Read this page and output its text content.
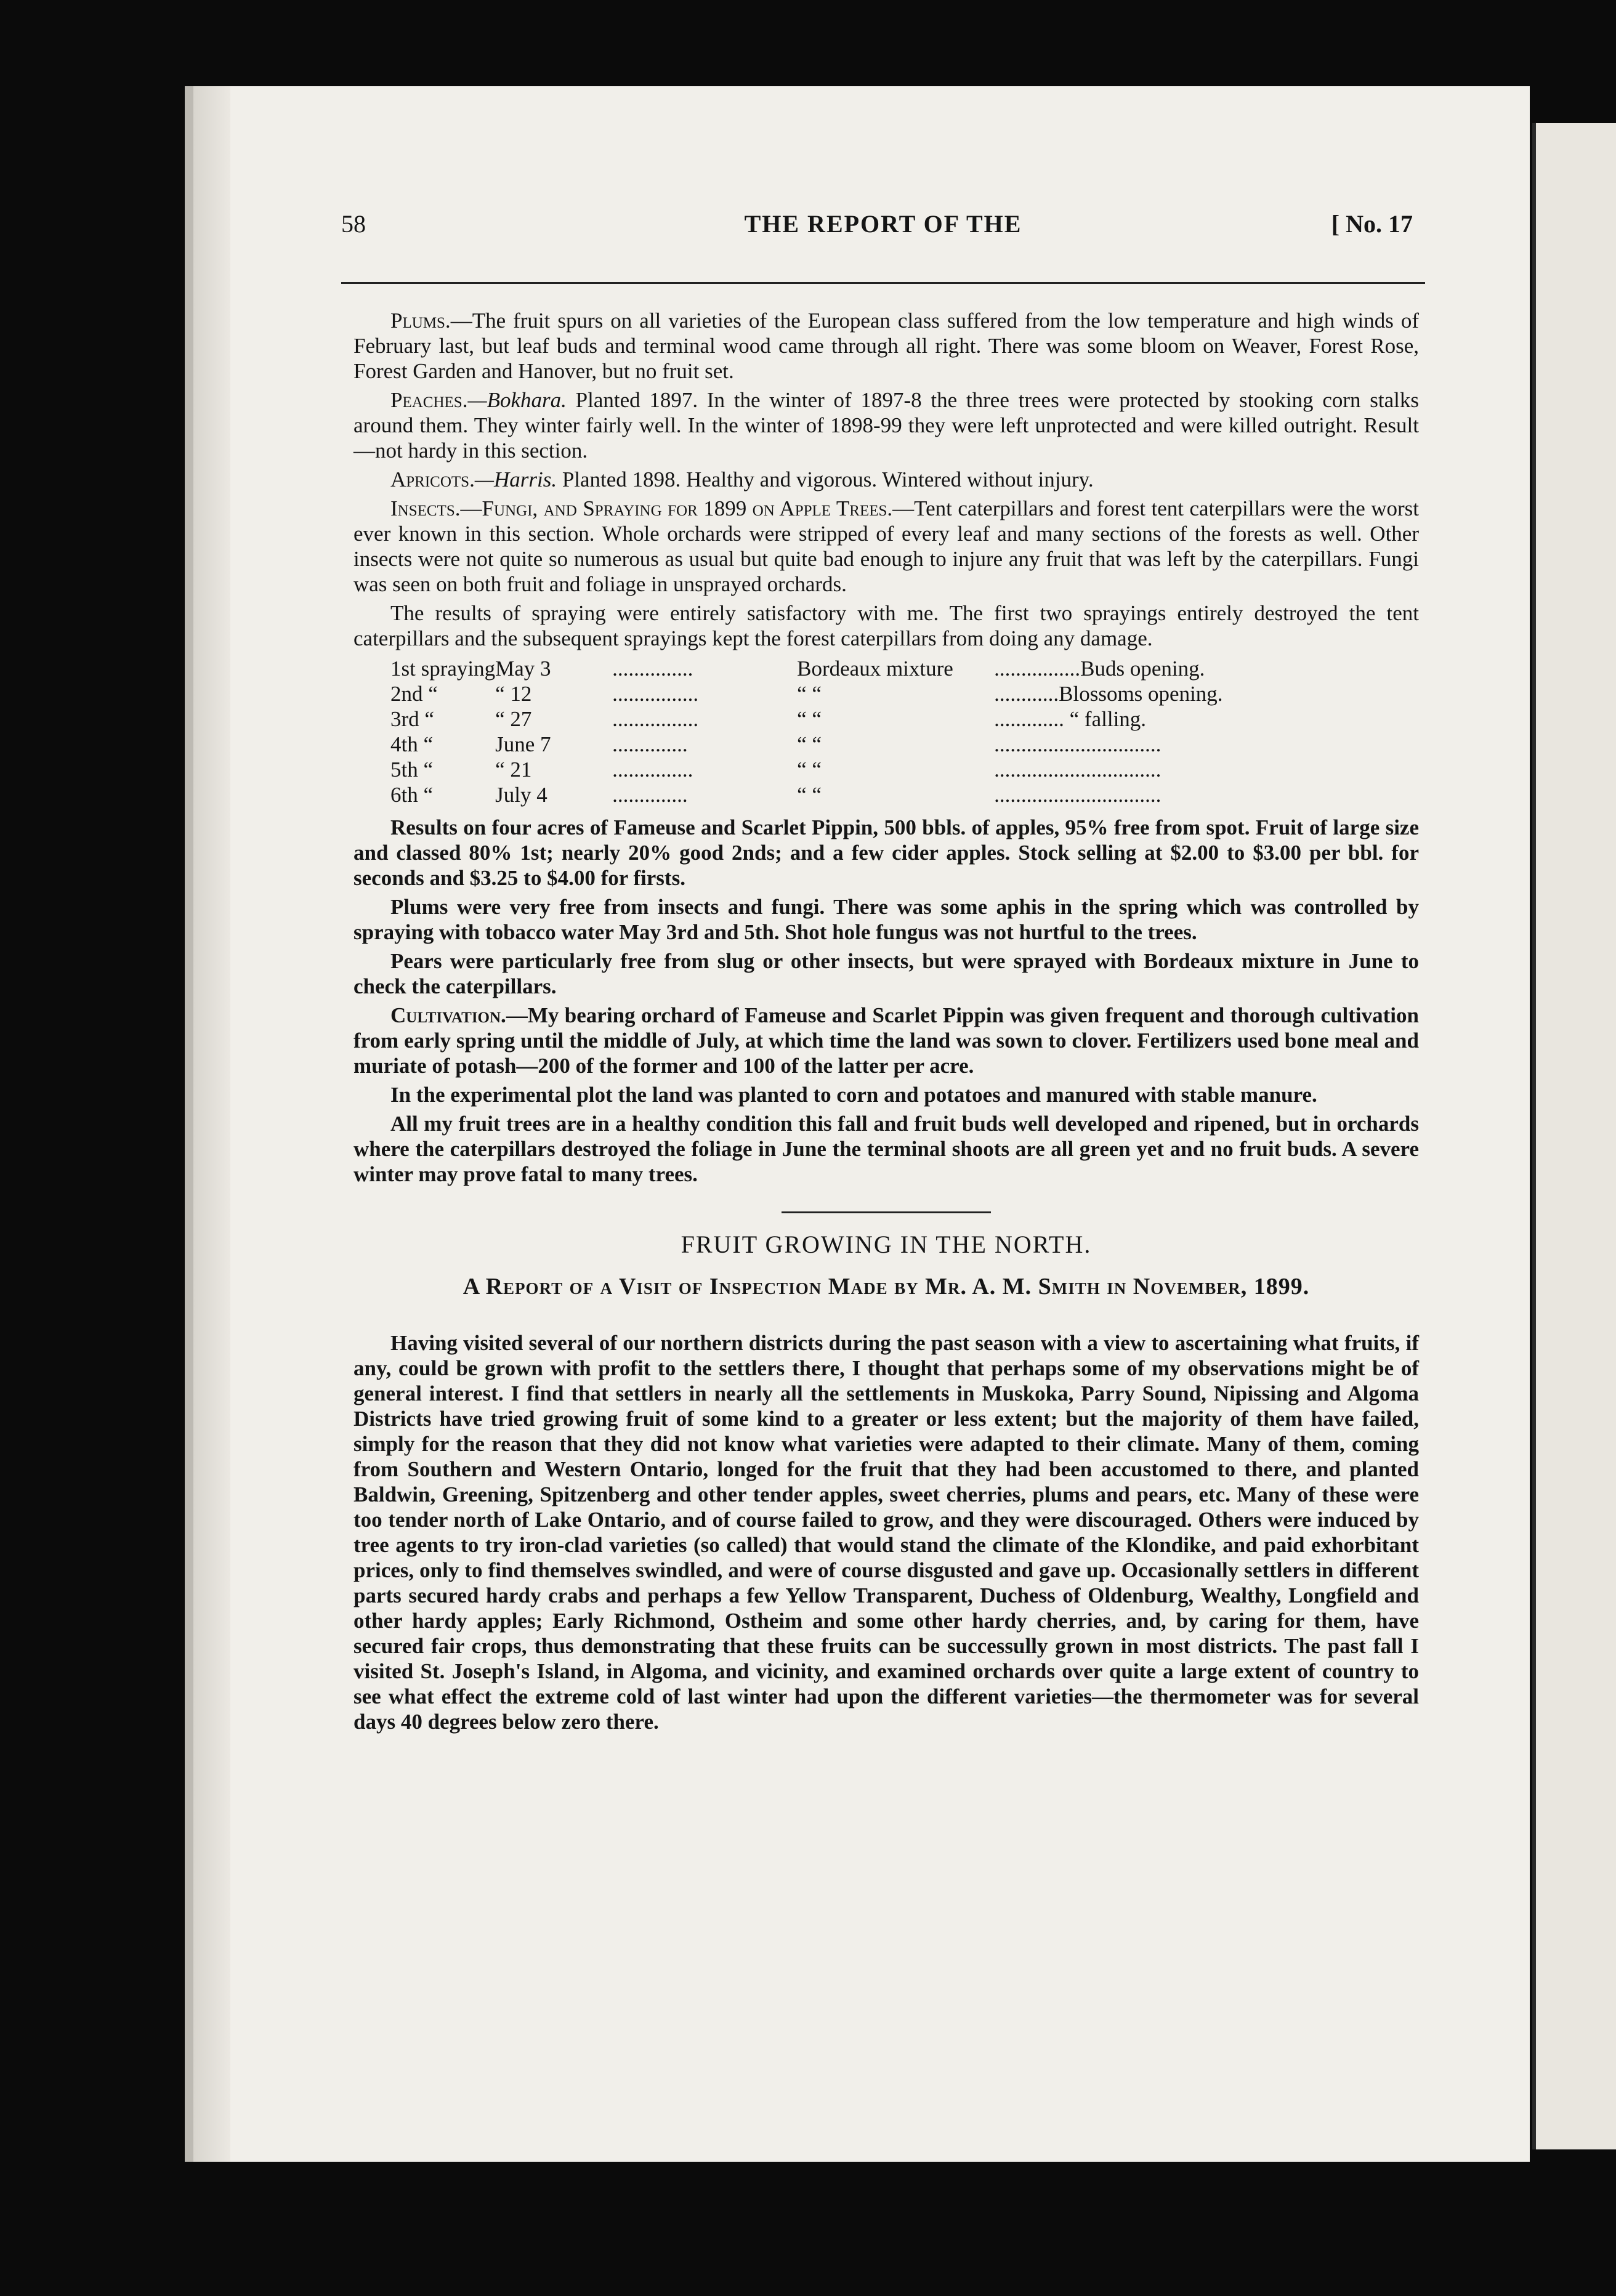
58	THE REPORT OF THE	[ No. 17

Plums.—The fruit spurs on all varieties of the European class suffered from the low temperature and high winds of February last, but leaf buds and terminal wood came through all right. There was some bloom on Weaver, Forest Rose, Forest Garden and Hanover, but no fruit set.

Peaches.—Bokhara. Planted 1897. In the winter of 1897-8 the three trees were protected by stooking corn stalks around them. They winter fairly well. In the winter of 1898-99 they were left unprotected and were killed outright. Result—not hardy in this section.

Apricots.—Harris. Planted 1898. Healthy and vigorous. Wintered without injury.

Insects.—Fungi, and Spraying for 1899 on Apple Trees.—Tent caterpillars and forest tent caterpillars were the worst ever known in this section. Whole orchards were stripped of every leaf and many sections of the forests as well. Other insects were not quite so numerous as usual but quite bad enough to injure any fruit that was left by the caterpillars. Fungi was seen on both fruit and foliage in unsprayed orchards.

The results of spraying were entirely satisfactory with me. The first two sprayings entirely destroyed the tent caterpillars and the subsequent sprayings kept the forest caterpillars from doing any damage.

1st spraying	May 3	...............	Bordeaux mixture	................Buds opening.
2nd “	“ 12	................	“ “	............Blossoms opening.
3rd “	“ 27	................	“ “	............. “ falling.
4th “	June 7	..............	“ “	...............................
5th “	“ 21	...............	“ “	...............................
6th “	July 4	..............	“ “	...............................

Results on four acres of Fameuse and Scarlet Pippin, 500 bbls. of apples, 95% free from spot. Fruit of large size and classed 80% 1st; nearly 20% good 2nds; and a few cider apples. Stock selling at $2.00 to $3.00 per bbl. for seconds and $3.25 to $4.00 for firsts.

Plums were very free from insects and fungi. There was some aphis in the spring which was controlled by spraying with tobacco water May 3rd and 5th. Shot hole fungus was not hurtful to the trees.

Pears were particularly free from slug or other insects, but were sprayed with Bordeaux mixture in June to check the caterpillars.

Cultivation.—My bearing orchard of Fameuse and Scarlet Pippin was given frequent and thorough cultivation from early spring until the middle of July, at which time the land was sown to clover. Fertilizers used bone meal and muriate of potash—200 of the former and 100 of the latter per acre.

In the experimental plot the land was planted to corn and potatoes and manured with stable manure.

All my fruit trees are in a healthy condition this fall and fruit buds well developed and ripened, but in orchards where the caterpillars destroyed the foliage in June the terminal shoots are all green yet and no fruit buds. A severe winter may prove fatal to many trees.

FRUIT GROWING IN THE NORTH.
A Report of a Visit of Inspection Made by Mr. A. M. Smith in November, 1899.

Having visited several of our northern districts during the past season with a view to ascertaining what fruits, if any, could be grown with profit to the settlers there, I thought that perhaps some of my observations might be of general interest. I find that settlers in nearly all the settlements in Muskoka, Parry Sound, Nipissing and Algoma Districts have tried growing fruit of some kind to a greater or less extent; but the majority of them have failed, simply for the reason that they did not know what varieties were adapted to their climate. Many of them, coming from Southern and Western Ontario, longed for the fruit that they had been accustomed to there, and planted Baldwin, Greening, Spitzenberg and other tender apples, sweet cherries, plums and pears, etc. Many of these were too tender north of Lake Ontario, and of course failed to grow, and they were discouraged. Others were induced by tree agents to try iron-clad varieties (so called) that would stand the climate of the Klondike, and paid exhorbitant prices, only to find themselves swindled, and were of course disgusted and gave up. Occasionally settlers in different parts secured hardy crabs and perhaps a few Yellow Transparent, Duchess of Oldenburg, Wealthy, Longfield and other hardy apples; Early Richmond, Ostheim and some other hardy cherries, and, by caring for them, have secured fair crops, thus demonstrating that these fruits can be successully grown in most districts. The past fall I visited St. Joseph's Island, in Algoma, and vicinity, and examined orchards over quite a large extent of country to see what effect the extreme cold of last winter had upon the different varieties—the thermometer was for several days 40 degrees below zero there.
